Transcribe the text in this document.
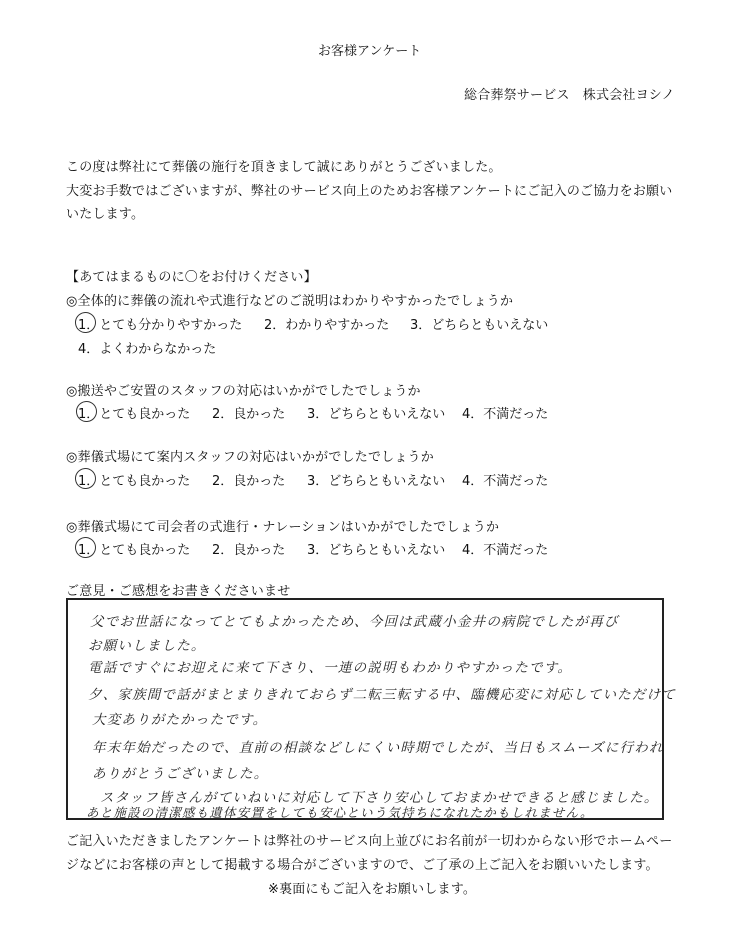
お客様アンケート
総合葬祭サービス　株式会社ヨシノ
この度は弊社にて葬儀の施行を頂きまして誠にありがとうございました。
大変お手数ではございますが、弊社のサービス向上のためお客様アンケートにご記入のご協力をお願い
いたします。
【あてはまるものに〇をお付けください】
◎全体的に葬儀の流れや式進行などのご説明はわかりやすかったでしょうか
1．とても分かりやすかった 2．わかりやすかった 3．どちらともいえない
4．よくわからなかった
◎搬送やご安置のスタッフの対応はいかがでしたでしょうか
1．とても良かった 2．良かった 3．どちらともいえない 4．不満だった
◎葬儀式場にて案内スタッフの対応はいかがでしたでしょうか
1．とても良かった 2．良かった 3．どちらともいえない 4．不満だった
◎葬儀式場にて司会者の式進行・ナレーションはいかがでしたでしょうか
1．とても良かった 2．良かった 3．どちらともいえない 4．不満だった
ご意見・ご感想をお書きくださいませ
父でお世話になってとてもよかったため、今回は武蔵小金井の病院でしたが再び
お願いしました。
電話ですぐにお迎えに来て下さり、一連の説明もわかりやすかったです。
夕、家族間で話がまとまりきれておらず二転三転する中、臨機応変に対応していただけて
大変ありがたかったです。
年末年始だったので、直前の相談などしにくい時期でしたが、当日もスムーズに行われ
ありがとうございました。
スタッフ皆さんがていねいに対応して下さり安心しておまかせできると感じました。
あと施設の清潔感も遺体安置をしても安心という気持ちになれたかもしれません。
ご記入いただきましたアンケートは弊社のサービス向上並びにお名前が一切わからない形でホームペー
ジなどにお客様の声として掲載する場合がございますので、ご了承の上ご記入をお願いいたします。
※裏面にもご記入をお願いします。
